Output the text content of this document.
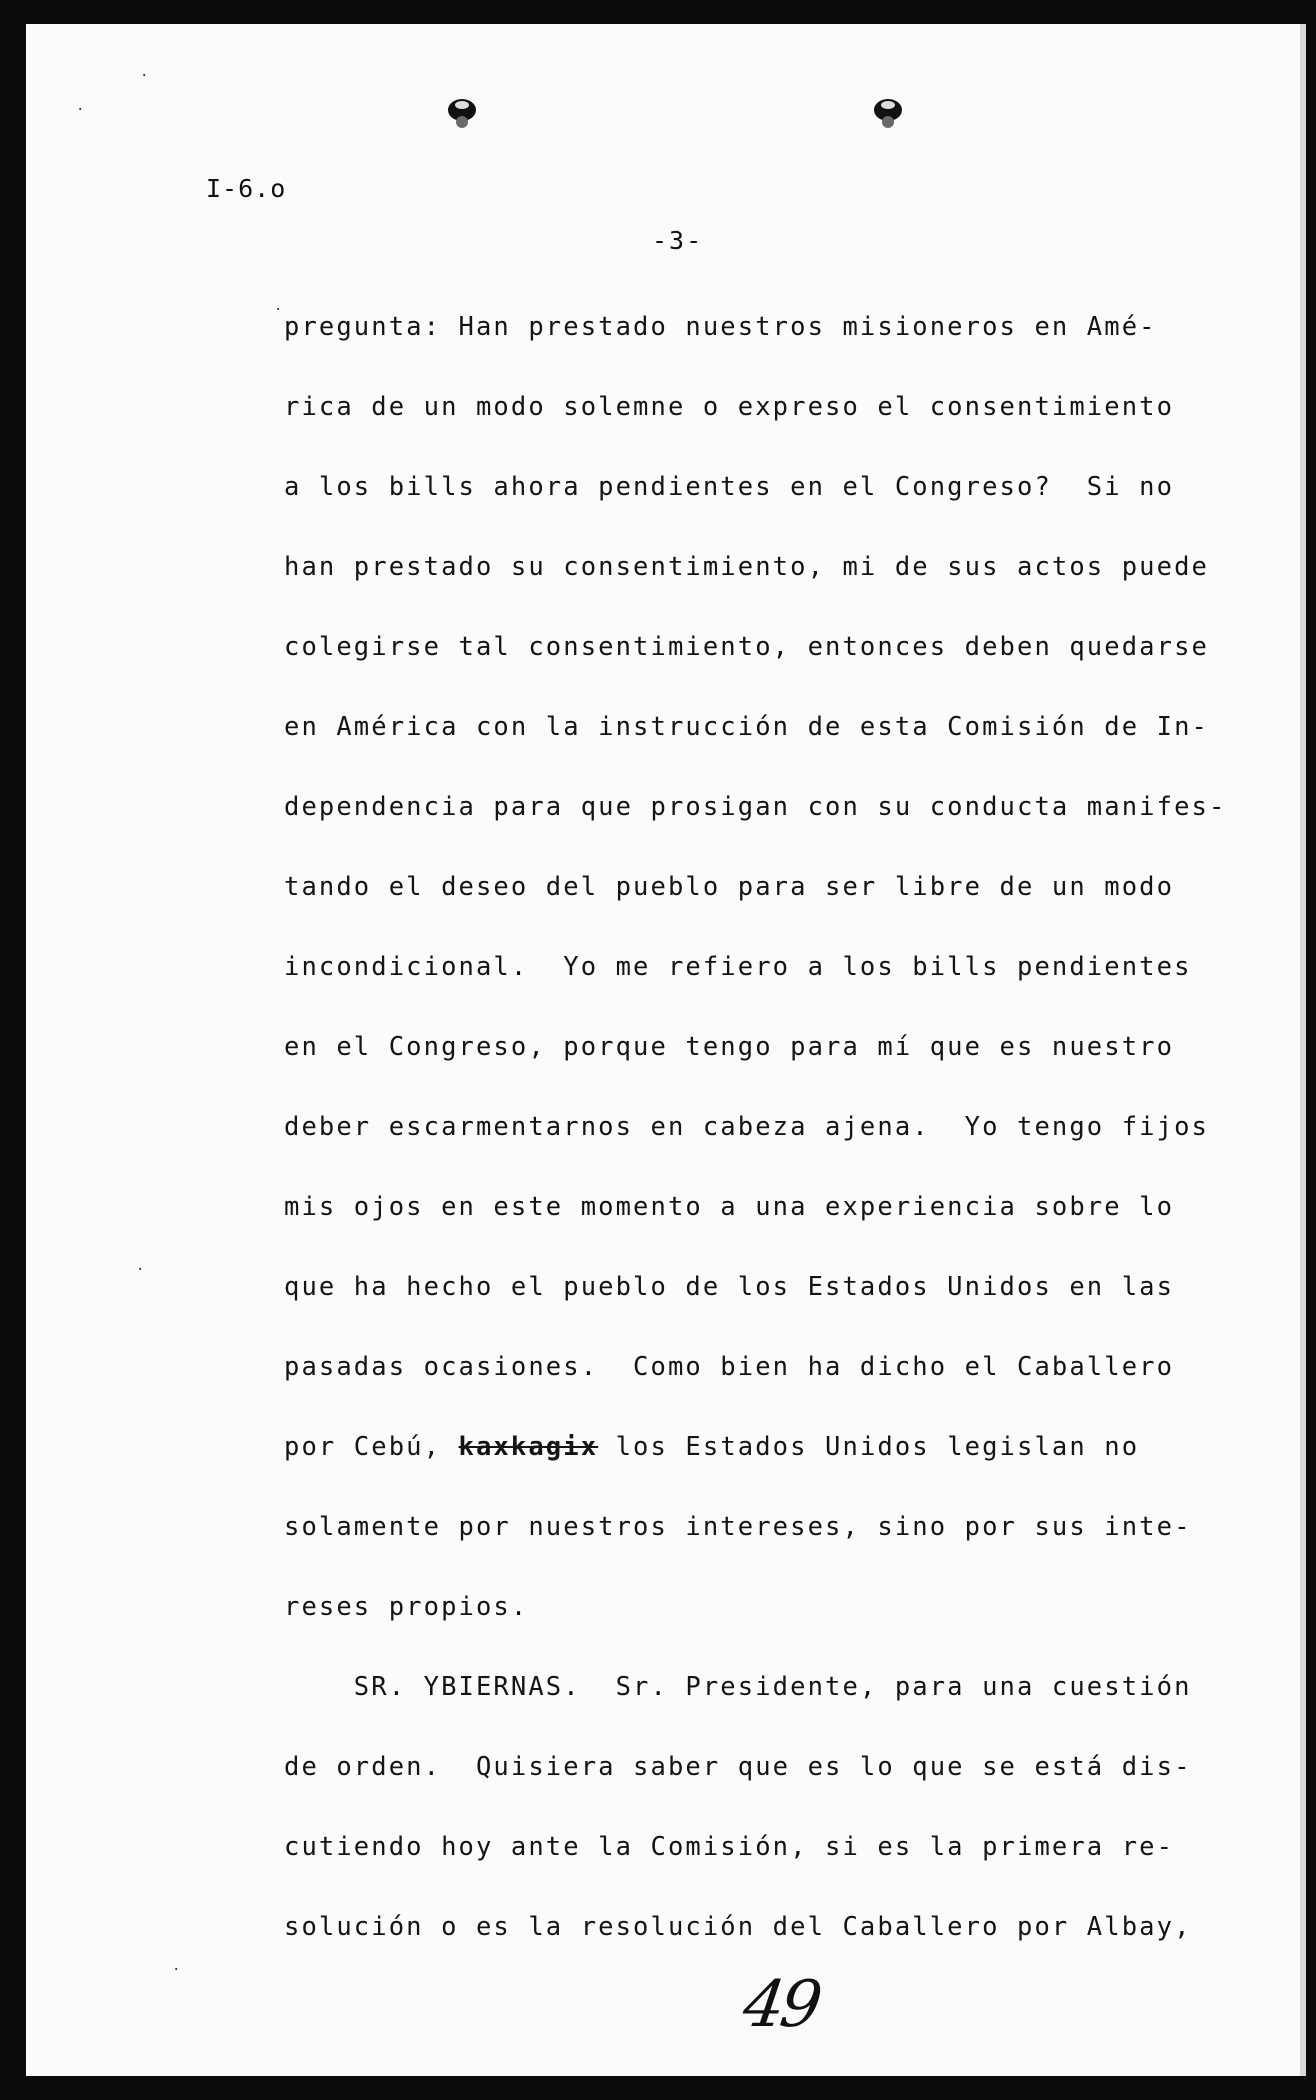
·
·
·
·
·
I-6.o
-3-
pregunta: Han prestado nuestros misioneros en Amé-
rica de un modo solemne o expreso el consentimiento
a los bills ahora pendientes en el Congreso?  Si no
han prestado su consentimiento, mi de sus actos puede
colegirse tal consentimiento, entonces deben quedarse
en América con la instrucción de esta Comisión de In-
dependencia para que prosigan con su conducta manifes-
tando el deseo del pueblo para ser libre de un modo
incondicional.  Yo me refiero a los bills pendientes
en el Congreso, porque tengo para mí que es nuestro
deber escarmentarnos en cabeza ajena.  Yo tengo fijos
mis ojos en este momento a una experiencia sobre lo
que ha hecho el pueblo de los Estados Unidos en las
pasadas ocasiones.  Como bien ha dicho el Caballero
por Cebú, kaxkagix los Estados Unidos legislan no
solamente por nuestros intereses, sino por sus inte-
reses propios.
SR. YBIERNAS.  Sr. Presidente, para una cuestión
de orden.  Quisiera saber que es lo que se está dis-
cutiendo hoy ante la Comisión, si es la primera re-
solución o es la resolución del Caballero por Albay,
49
